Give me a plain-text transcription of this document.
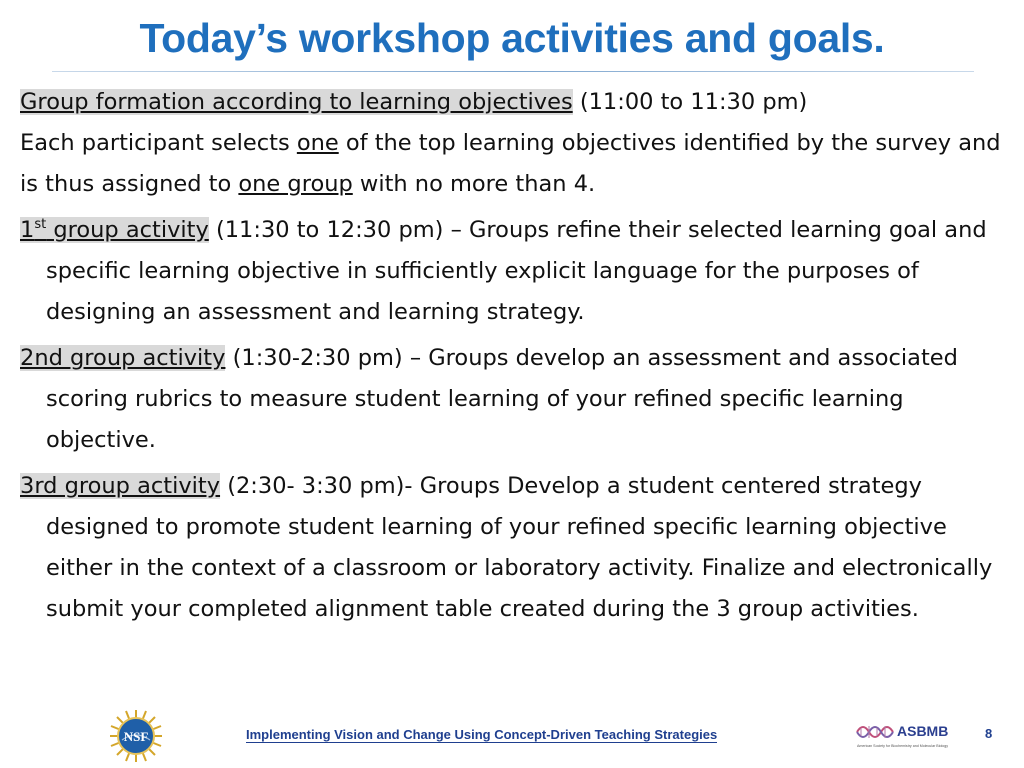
Today’s workshop activities and goals.

Group formation according to learning objectives (11:00 to 11:30 pm)
Each participant selects one of the top learning objectives identified by the survey and is thus assigned to one group with no more than 4.

1st group activity (11:30 to 12:30 pm) – Groups refine their selected learning goal and specific learning objective in sufficiently explicit language for the purposes of designing an assessment and learning strategy.

2nd group activity (1:30-2:30 pm) – Groups develop an assessment and associated scoring rubrics to measure student learning of your refined specific learning objective.

3rd group activity (2:30- 3:30 pm)- Groups Develop a student centered strategy designed to promote student learning of your refined specific learning objective either in the context of a classroom or laboratory activity. Finalize and electronically submit your completed alignment table created during the 3 group activities.

NSF	Implementing Vision and Change Using Concept-Driven Teaching Strategies	ASBMB
American Society for Biochemistry and Molecular Biology
8
